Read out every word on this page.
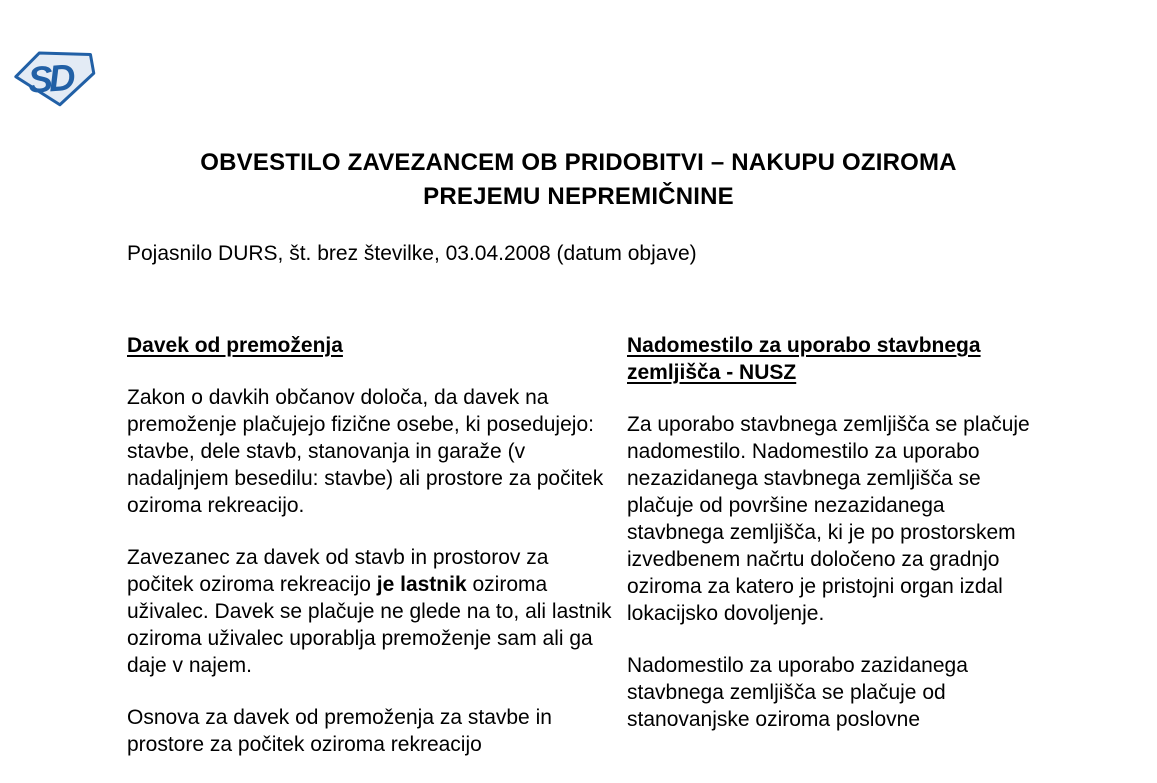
SD
OBVESTILO ZAVEZANCEM OB PRIDOBITVI – NAKUPU OZIROMA
PREJEMU NEPREMIČNINE
Pojasnilo DURS, št. brez številke, 03.04.2008 (datum objave)
Davek od premoženja

Zakon o davkih občanov določa, da davek na premoženje plačujejo fizične osebe, ki posedujejo: stavbe, dele stavb, stanovanja in garaže (v nadaljnjem besedilu: stavbe) ali prostore za počitek oziroma rekreacijo.

Zavezanec za davek od stavb in prostorov za počitek oziroma rekreacijo je lastnik oziroma uživalec. Davek se plačuje ne glede na to, ali lastnik oziroma uživalec uporablja premoženje sam ali ga daje v najem.

Osnova za davek od premoženja za stavbe in prostore za počitek oziroma rekreacijo

Nadomestilo za uporabo stavbnega zemljišča - NUSZ

Za uporabo stavbnega zemljišča se plačuje nadomestilo. Nadomestilo za uporabo nezazidanega stavbnega zemljišča se plačuje od površine nezazidanega stavbnega zemljišča, ki je po prostorskem izvedbenem načrtu določeno za gradnjo oziroma za katero je pristojni organ izdal lokacijsko dovoljenje.

Nadomestilo za uporabo zazidanega stavbnega zemljišča se plačuje od stanovanjske oziroma poslovne
